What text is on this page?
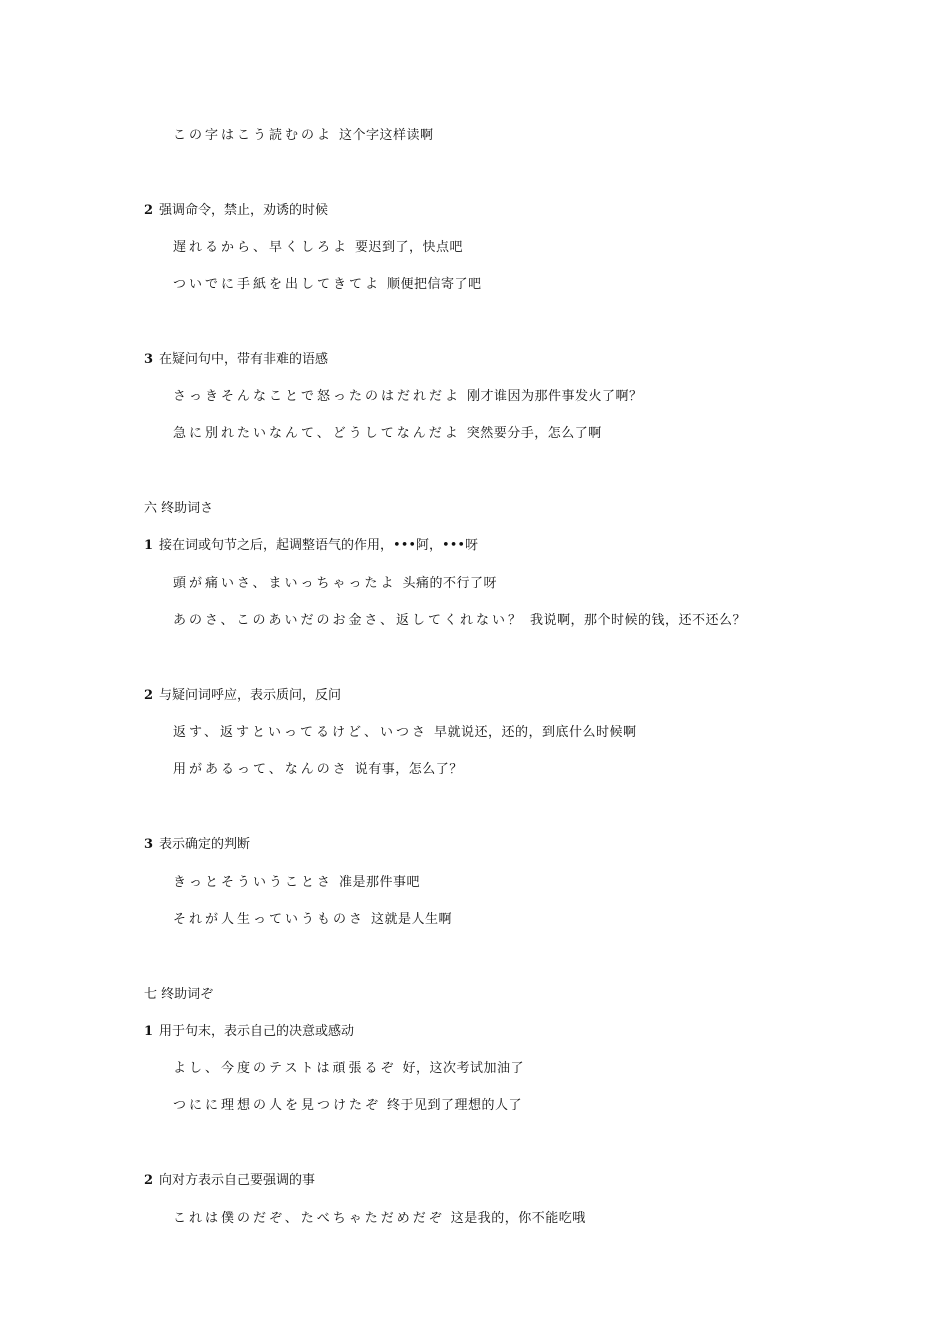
この字はこう読むのよ 这个字这样读啊
2 强调命令，禁止，劝诱的时候
遅れるから、早くしろよ 要迟到了，快点吧
ついでに手紙を出してきてよ 顺便把信寄了吧
3 在疑问句中，带有非难的语感
さっきそんなことで怒ったのはだれだよ 刚才谁因为那件事发火了啊？
急に別れたいなんて、どうしてなんだよ 突然要分手，怎么了啊
六 终助词さ
1 接在词或句节之后，起调整语气的作用，•••阿，•••呀
頭が痛いさ、まいっちゃったよ 头痛的不行了呀
あのさ、このあいだのお金さ、返してくれない？ 我说啊，那个时候的钱，还不还么？
2 与疑问词呼应，表示质问，反问
返す、返すといってるけど、いつさ 早就说还，还的，到底什么时候啊
用があるって、なんのさ 说有事，怎么了？
3 表示确定的判断
きっとそういうことさ 准是那件事吧
それが人生っていうものさ 这就是人生啊
七 终助词ぞ
1 用于句末，表示自己的决意或感动
よし、今度のテストは頑張るぞ 好，这次考试加油了
つにに理想の人を見つけたぞ 终于见到了理想的人了
2 向对方表示自己要强调的事
これは僕のだぞ、たべちゃただめだぞ 这是我的，你不能吃哦
